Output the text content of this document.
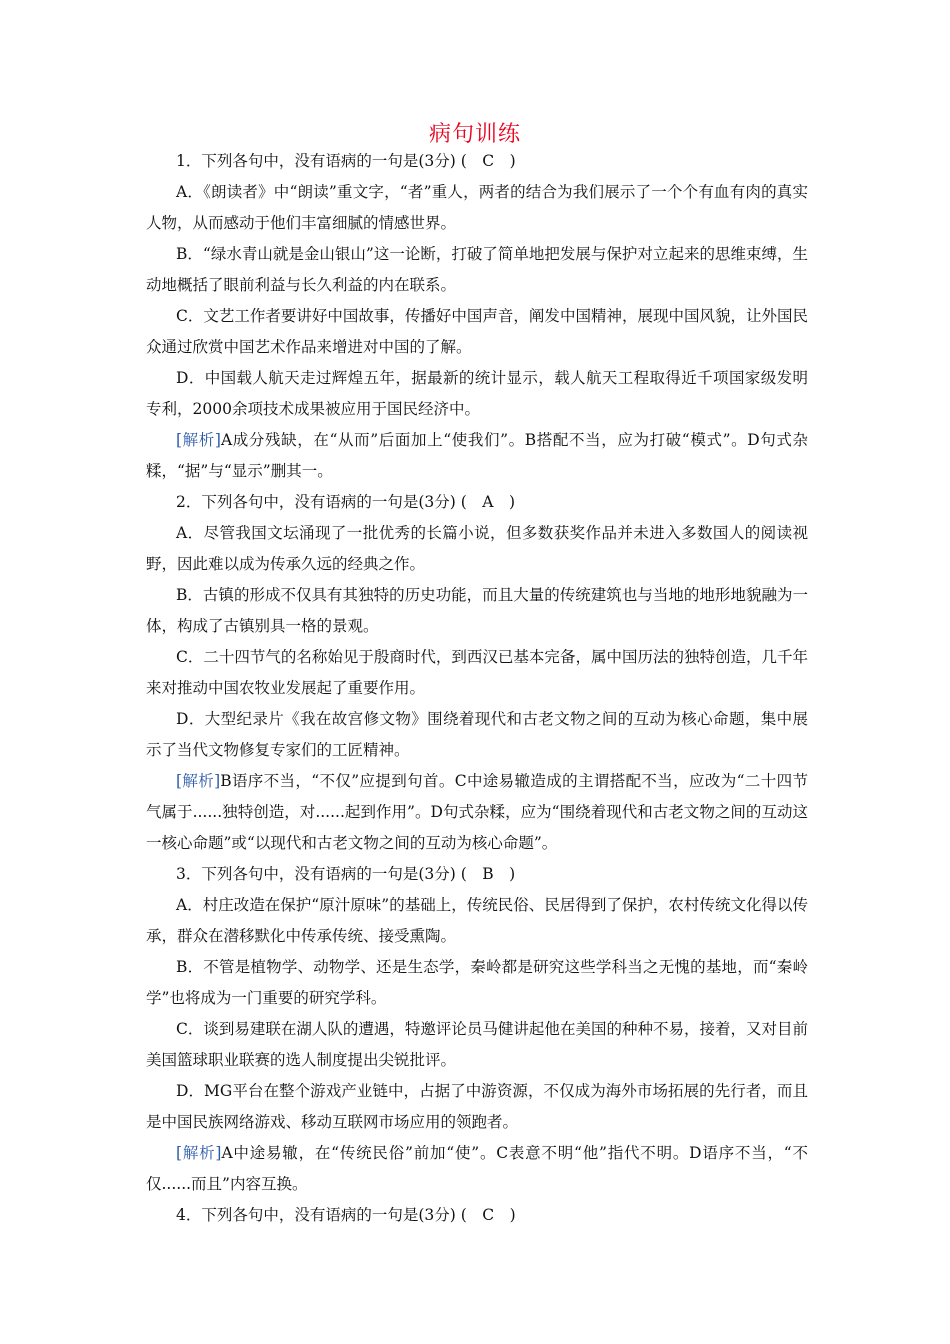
病句训练

1．下列各句中，没有语病的一句是(3分) (　C　)

A．《朗读者》中“朗读”重文字，“者”重人，两者的结合为我们展示了一个个有血有肉的真实人物，从而感动于他们丰富细腻的情感世界。

B．“绿水青山就是金山银山”这一论断，打破了简单地把发展与保护对立起来的思维束缚，生动地概括了眼前利益与长久利益的内在联系。

C．文艺工作者要讲好中国故事，传播好中国声音，阐发中国精神，展现中国风貌，让外国民众通过欣赏中国艺术作品来增进对中国的了解。

D．中国载人航天走过辉煌五年，据最新的统计显示，载人航天工程取得近千项国家级发明专利，2000余项技术成果被应用于国民经济中。

[解析]A成分残缺，在“从而”后面加上“使我们”。B搭配不当，应为打破“模式”。D句式杂糅，“据”与“显示”删其一。

2．下列各句中，没有语病的一句是(3分) (　A　)

A．尽管我国文坛涌现了一批优秀的长篇小说，但多数获奖作品并未进入多数国人的阅读视野，因此难以成为传承久远的经典之作。

B．古镇的形成不仅具有其独特的历史功能，而且大量的传统建筑也与当地的地形地貌融为一体，构成了古镇别具一格的景观。

C．二十四节气的名称始见于殷商时代，到西汉已基本完备，属中国历法的独特创造，几千年来对推动中国农牧业发展起了重要作用。

D．大型纪录片《我在故宫修文物》围绕着现代和古老文物之间的互动为核心命题，集中展示了当代文物修复专家们的工匠精神。

[解析]B语序不当，“不仅”应提到句首。C中途易辙造成的主谓搭配不当，应改为“二十四节气属于......独特创造，对......起到作用”。D句式杂糅，应为“围绕着现代和古老文物之间的互动这一核心命题”或“以现代和古老文物之间的互动为核心命题”。

3．下列各句中，没有语病的一句是(3分) (　B　)

A．村庄改造在保护“原汁原味”的基础上，传统民俗、民居得到了保护，农村传统文化得以传承，群众在潜移默化中传承传统、接受熏陶。

B．不管是植物学、动物学、还是生态学，秦岭都是研究这些学科当之无愧的基地，而“秦岭学”也将成为一门重要的研究学科。

C．谈到易建联在湖人队的遭遇，特邀评论员马健讲起他在美国的种种不易，接着，又对目前美国篮球职业联赛的选人制度提出尖锐批评。

D．MG平台在整个游戏产业链中，占据了中游资源，不仅成为海外市场拓展的先行者，而且是中国民族网络游戏、移动互联网市场应用的领跑者。

[解析]A中途易辙，在“传统民俗”前加“使”。C表意不明“他”指代不明。D语序不当，“不仅......而且”内容互换。

4．下列各句中，没有语病的一句是(3分) (　C　)
